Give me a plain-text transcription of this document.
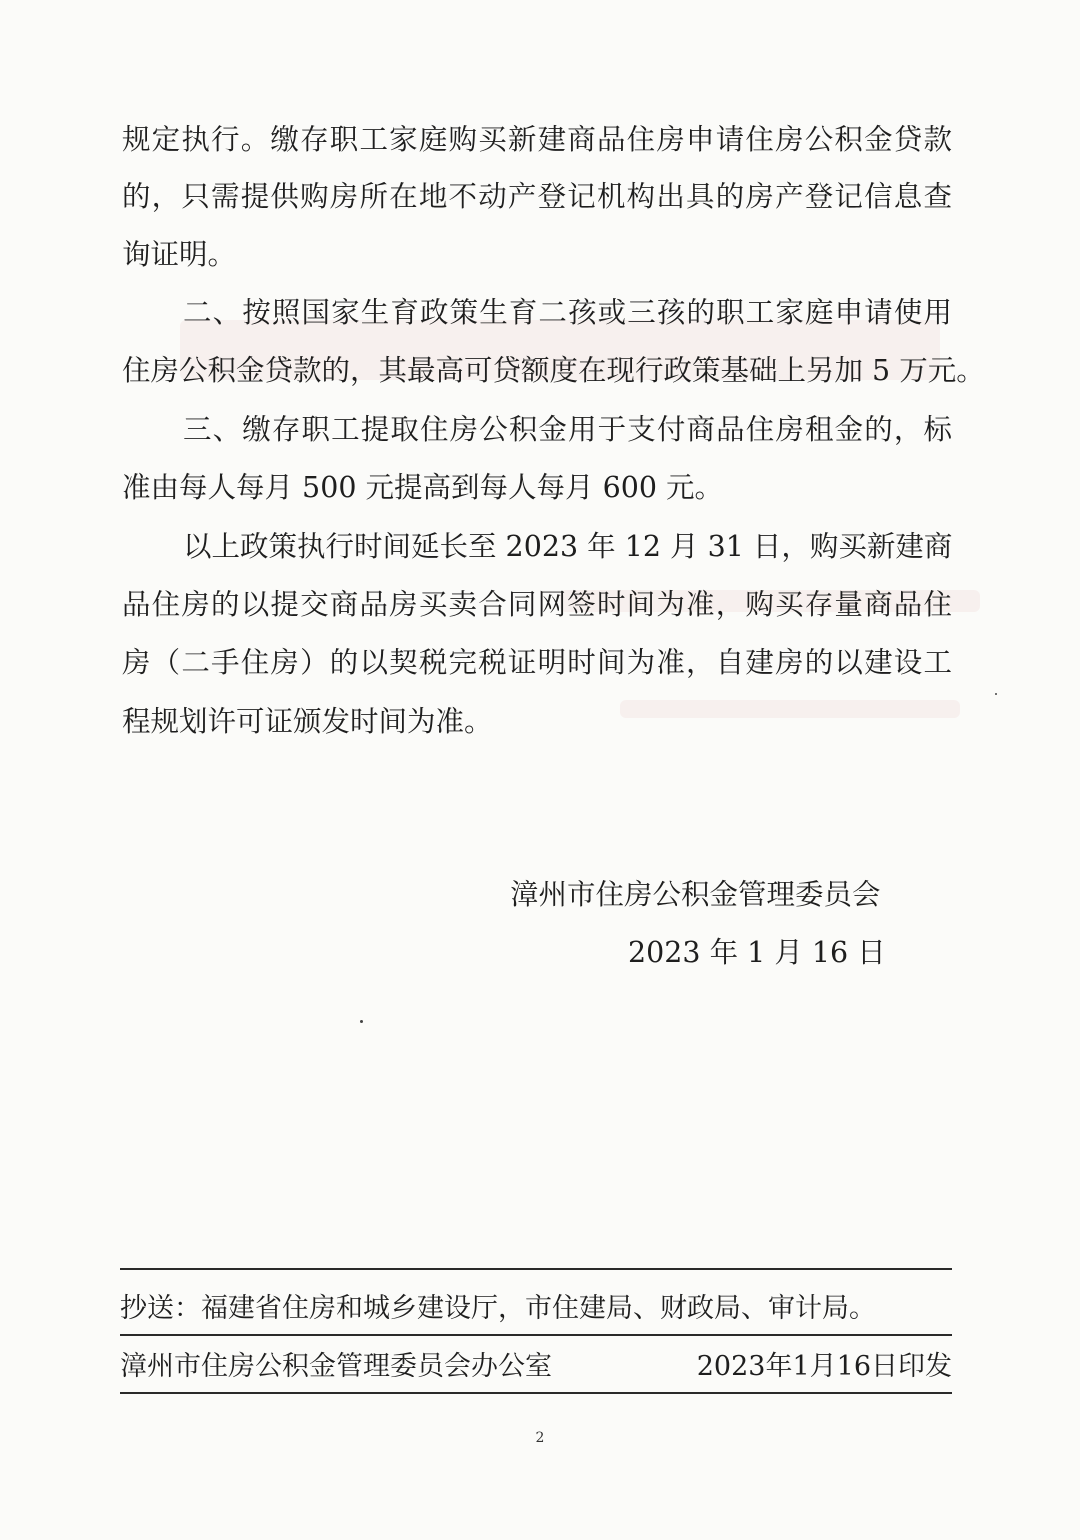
规定执行。缴存职工家庭购买新建商品住房申请住房公积金贷款
的，只需提供购房所在地不动产登记机构出具的房产登记信息查
询证明。
二、按照国家生育政策生育二孩或三孩的职工家庭申请使用
住房公积金贷款的，其最高可贷额度在现行政策基础上另加 5 万元。
三、缴存职工提取住房公积金用于支付商品住房租金的，标
准由每人每月 500 元提高到每人每月 600 元。
以上政策执行时间延长至 2023 年 12 月 31 日，购买新建商
品住房的以提交商品房买卖合同网签时间为准，购买存量商品住
房（二手住房）的以契税完税证明时间为准，自建房的以建设工
程规划许可证颁发时间为准。
漳州市住房公积金管理委员会
2023 年 1 月 16 日
抄送：福建省住房和城乡建设厅，市住建局、财政局、审计局。
漳州市住房公积金管理委员会办公室	2023年1月16日印发
2
